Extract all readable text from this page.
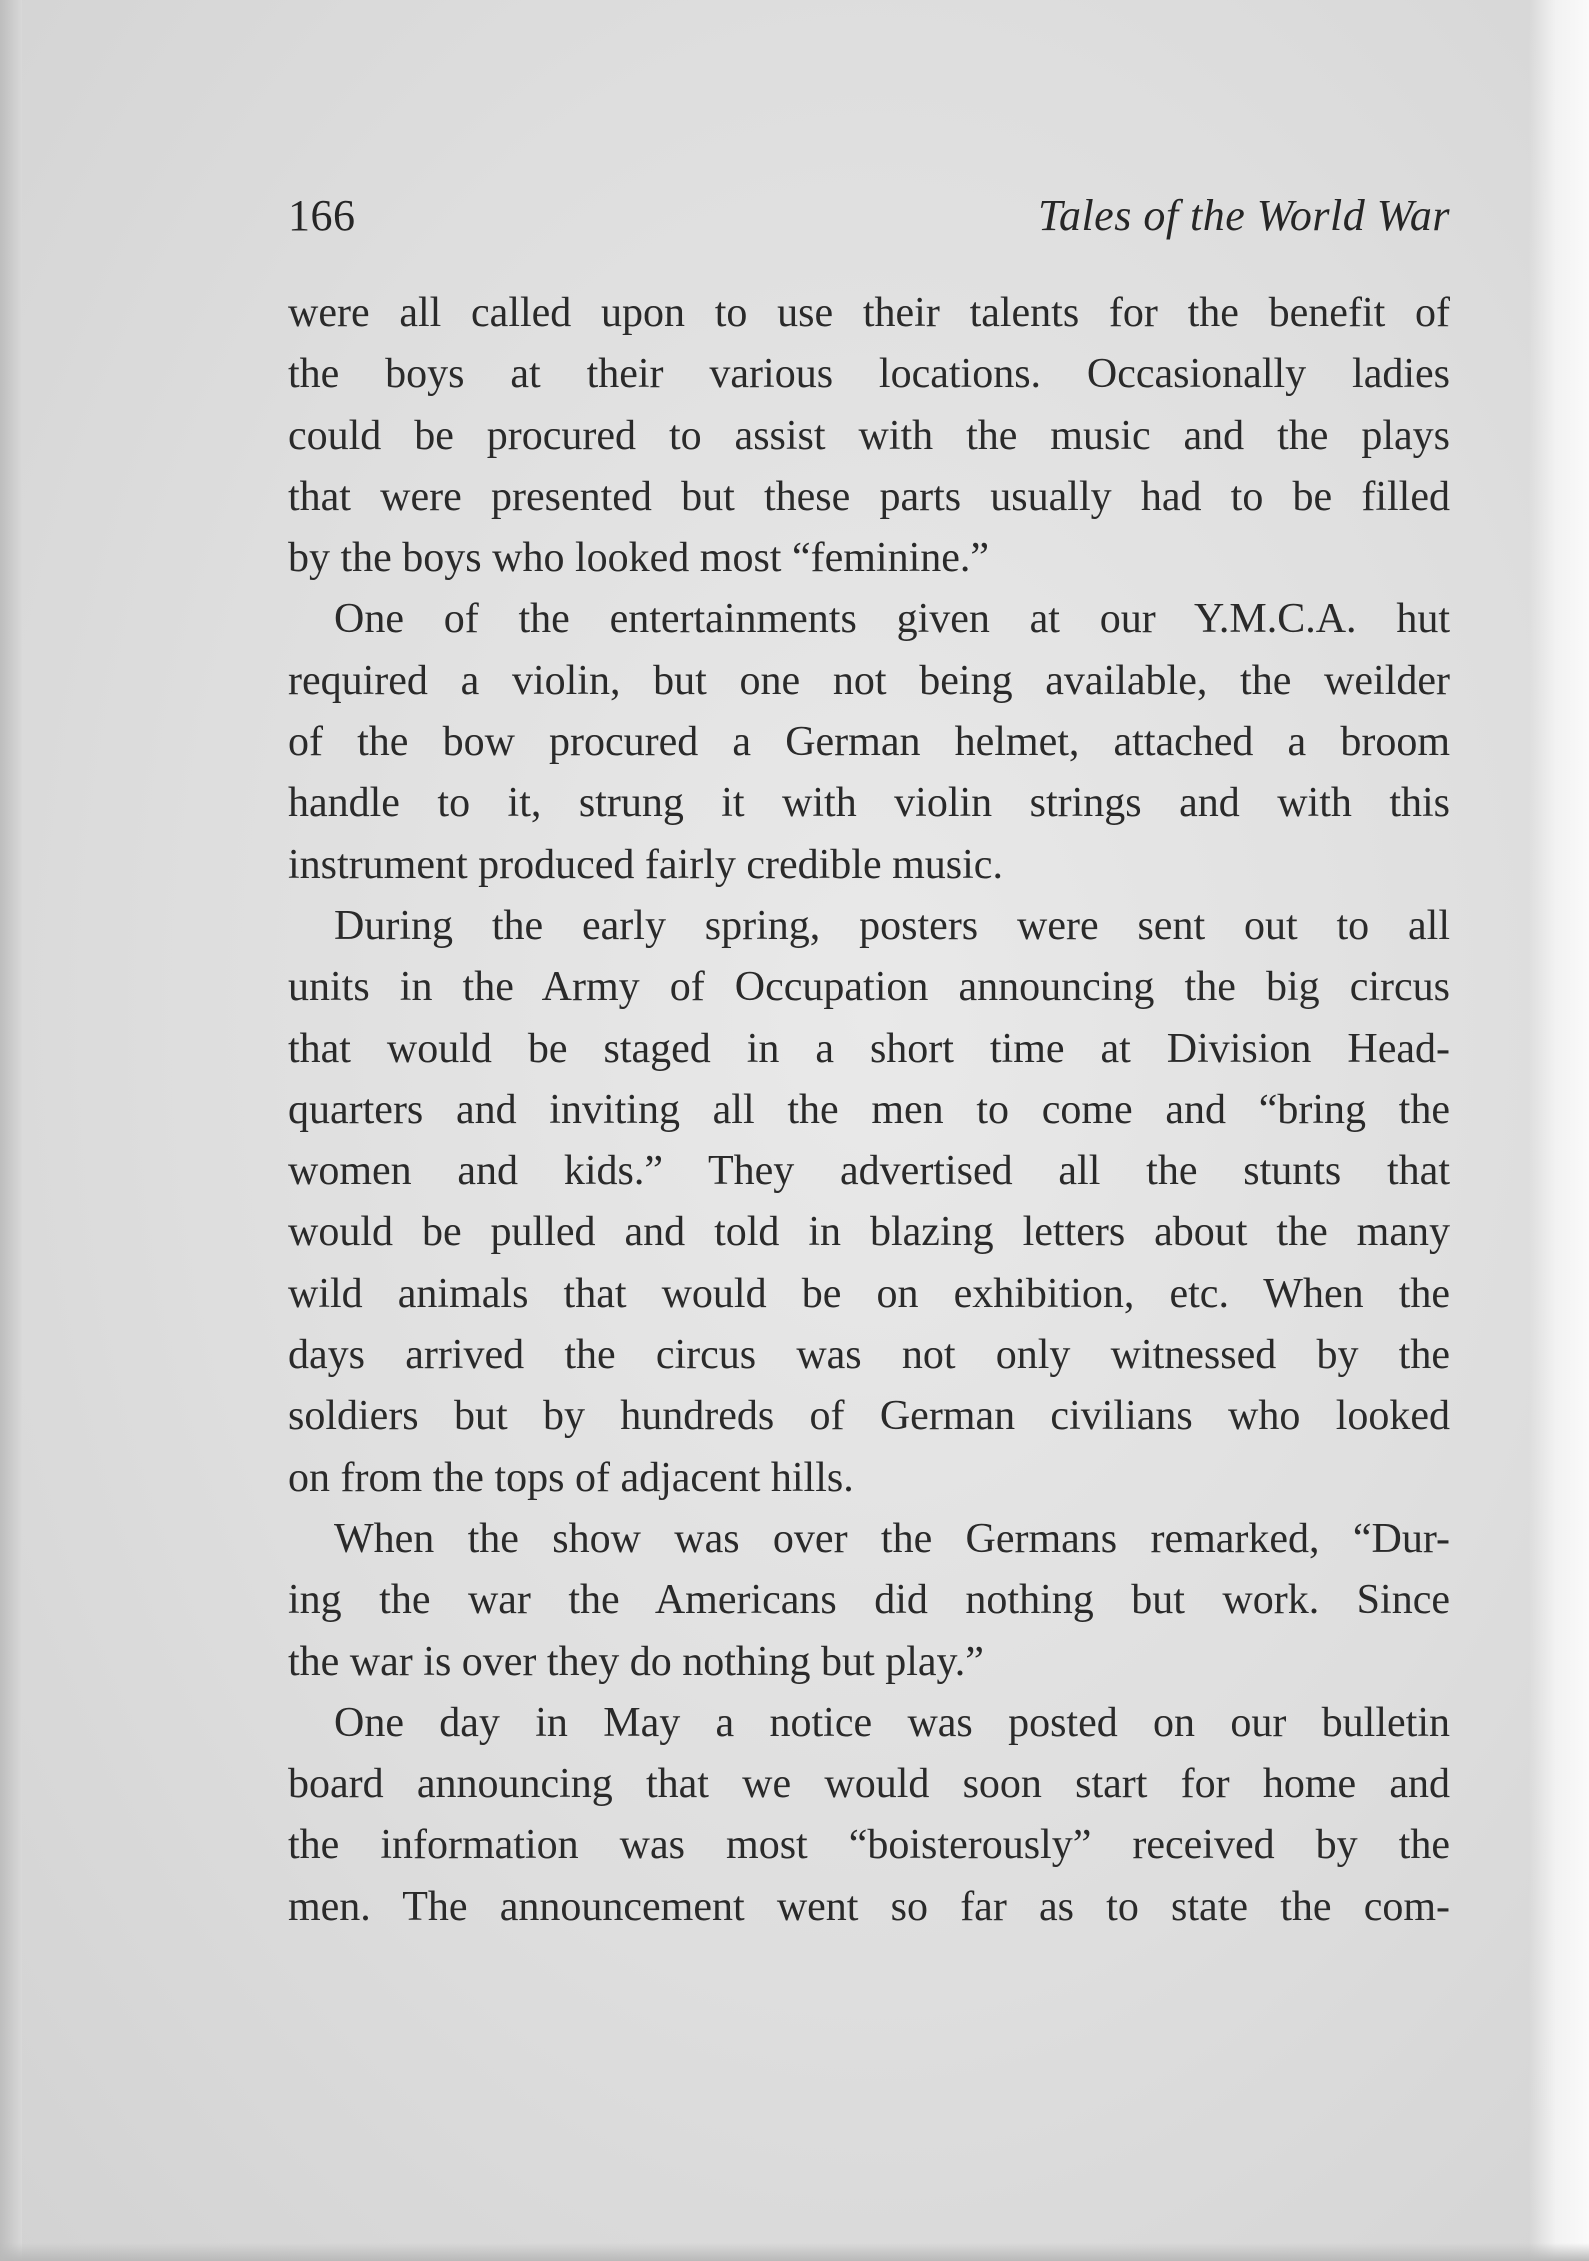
166	Tales of the World War
were all called upon to use their talents for the benefit of
the boys at their various locations. Occasionally ladies
could be procured to assist with the music and the plays
that were presented but these parts usually had to be filled
by the boys who looked most “feminine.”
One of the entertainments given at our Y.M.C.A. hut
required a violin, but one not being available, the weilder
of the bow procured a German helmet, attached a broom
handle to it, strung it with violin strings and with this
instrument produced fairly credible music.
During the early spring, posters were sent out to all
units in the Army of Occupation announcing the big circus
that would be staged in a short time at Division Head-
quarters and inviting all the men to come and “bring the
women and kids.” They advertised all the stunts that
would be pulled and told in blazing letters about the many
wild animals that would be on exhibition, etc. When the
days arrived the circus was not only witnessed by the
soldiers but by hundreds of German civilians who looked
on from the tops of adjacent hills.
When the show was over the Germans remarked, “Dur-
ing the war the Americans did nothing but work. Since
the war is over they do nothing but play.”
One day in May a notice was posted on our bulletin
board announcing that we would soon start for home and
the information was most “boisterously” received by the
men. The announcement went so far as to state the com-
